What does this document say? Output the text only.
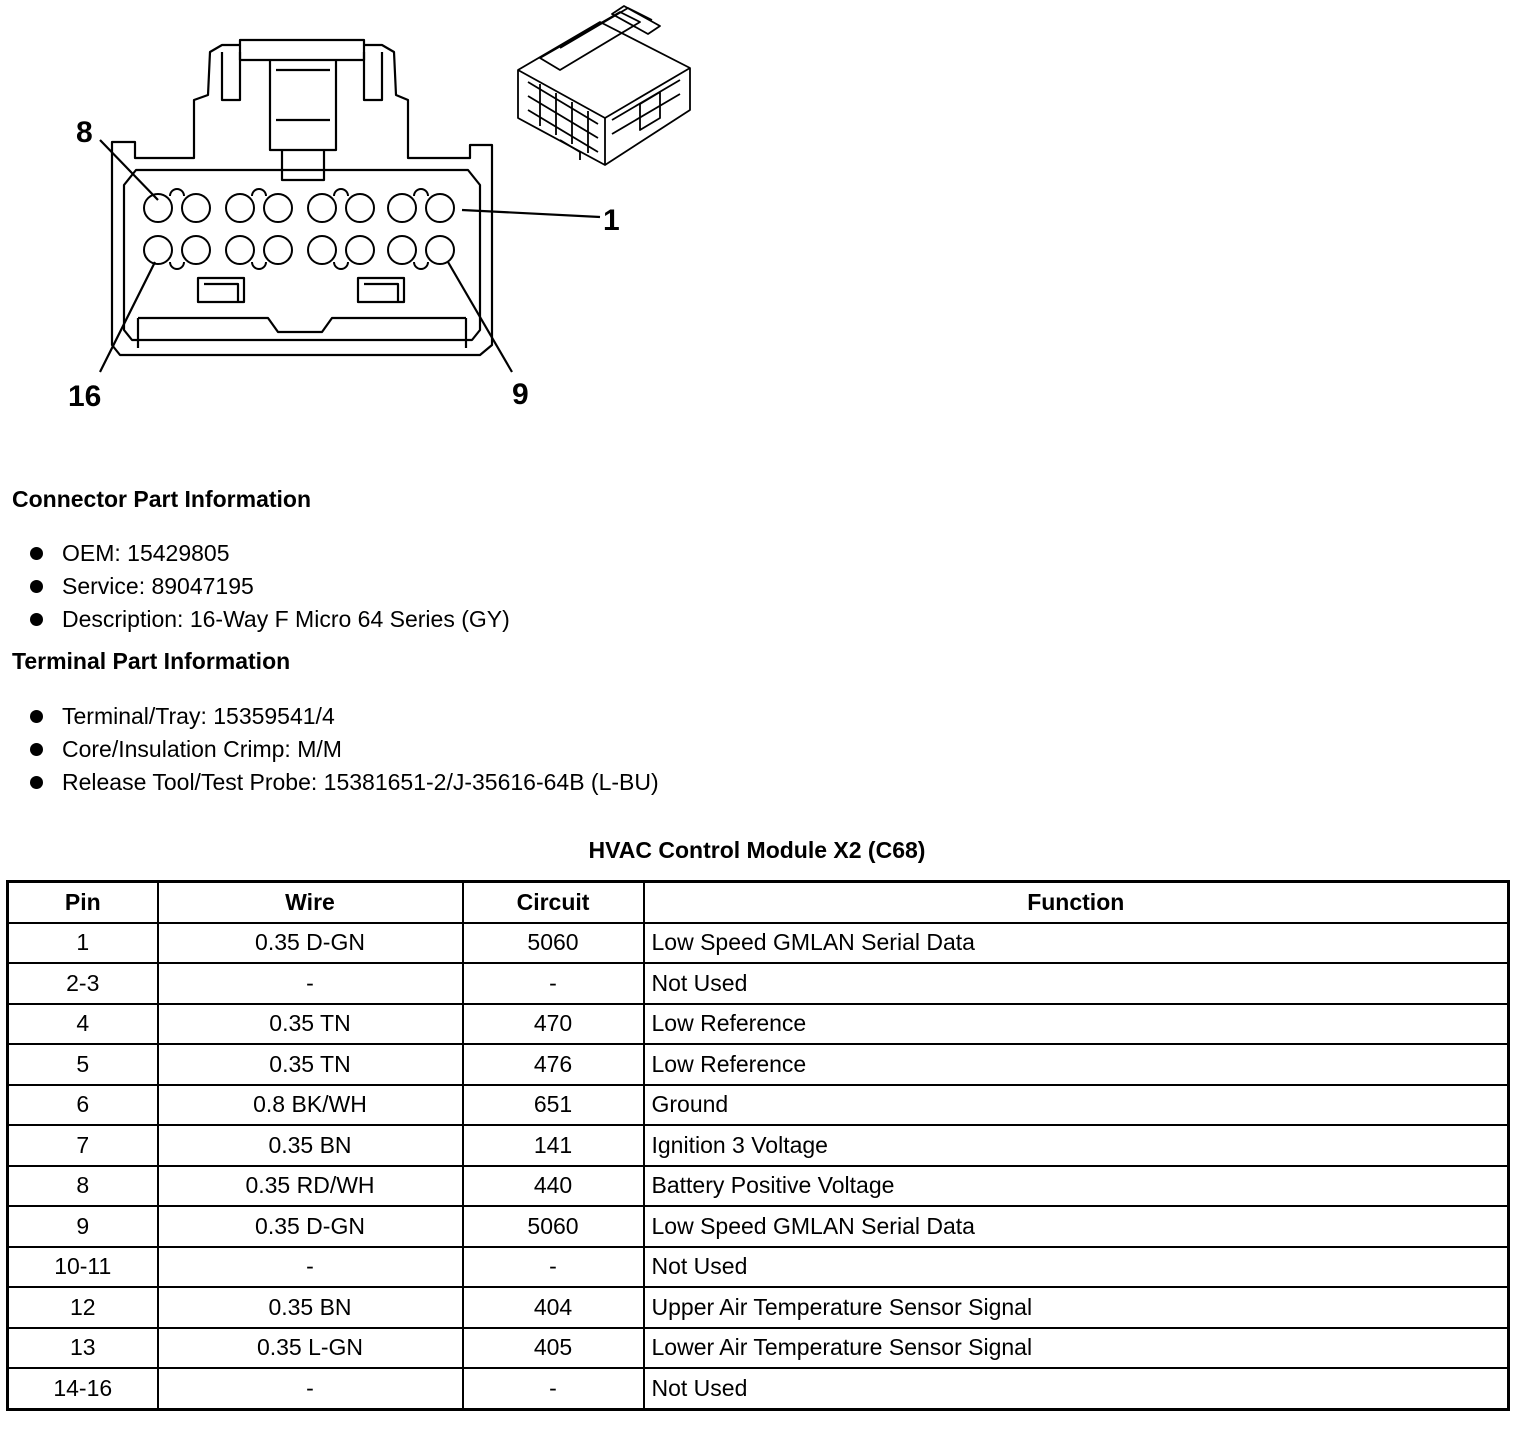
8
1
16	9
Connector Part Information
OEM: 15429805
Service: 89047195
Description: 16-Way F Micro 64 Series (GY)
Terminal Part Information
Terminal/Tray: 15359541/4
Core/Insulation Crimp: M/M
Release Tool/Test Probe: 15381651-2/J-35616-64B (L-BU)
HVAC Control Module X2 (C68)
Pin	Wire	Circuit	Function
1	0.35 D-GN	5060	Low Speed GMLAN Serial Data
2-3	-	-	Not Used
4	0.35 TN	470	Low Reference
5	0.35 TN	476	Low Reference
6	0.8 BK/WH	651	Ground
7	0.35 BN	141	Ignition 3 Voltage
8	0.35 RD/WH	440	Battery Positive Voltage
9	0.35 D-GN	5060	Low Speed GMLAN Serial Data
10-11	-	-	Not Used
12	0.35 BN	404	Upper Air Temperature Sensor Signal
13	0.35 L-GN	405	Lower Air Temperature Sensor Signal
14-16	-	-	Not Used
